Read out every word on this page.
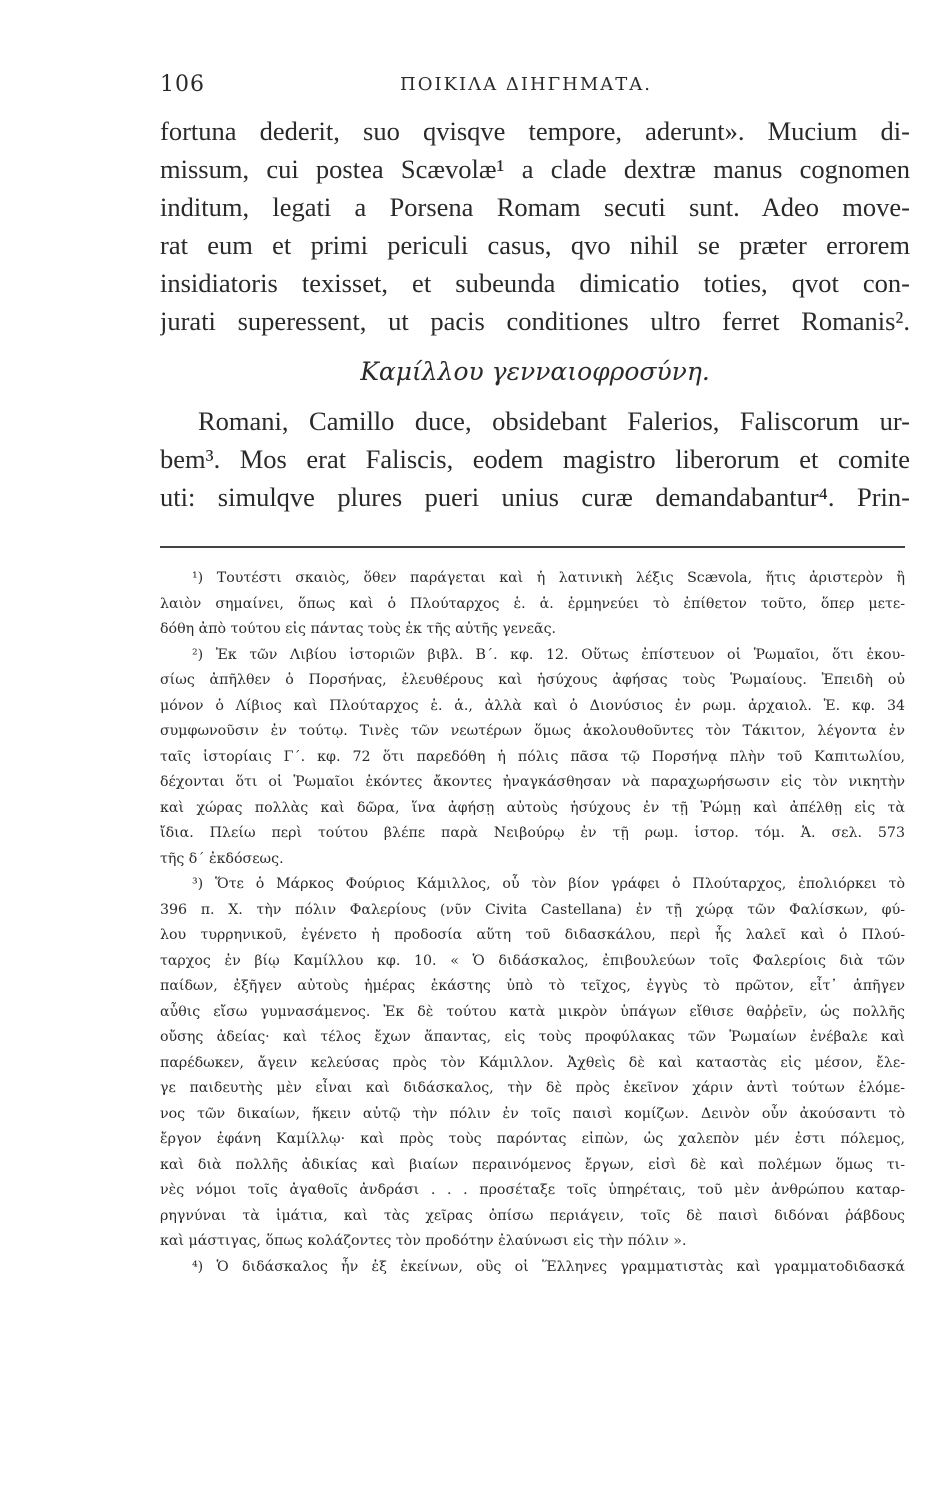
106	ΠΟΙΚΙΛΑ ΔΙΗΓΗΜΑΤΑ.
fortuna dederit, suo qvisqve tempore, aderunt». Mucium di-
missum, cui postea Scævolæ¹ a clade dextræ manus cognomen
inditum, legati a Porsena Romam secuti sunt. Adeo move-
rat eum et primi periculi casus, qvo nihil se præter errorem
insidiatoris texisset, et subeunda dimicatio toties, qvot con-
jurati superessent, ut pacis conditiones ultro ferret Romanis².
Καμίλλου γενναιοφροσύνη.
Romani, Camillo duce, obsidebant Falerios, Faliscorum ur-
bem³. Mos erat Faliscis, eodem magistro liberorum et comite
uti: simulqve plures pueri unius curæ demandabantur⁴. Prin-
¹) Τουτέστι σκαιὸς, ὅθεν παράγεται καὶ ἡ λατινικὴ λέξις Scævola, ἥτις ἀριστερὸν ἢ
λαιὸν σημαίνει, ὅπως καὶ ὁ Πλούταρχος ἑ. ἁ. ἑρμηνεύει τὸ ἐπίθετον τοῦτο, ὅπερ μετε-
δόθη ἀπὸ τούτου εἰς πάντας τοὺς ἐκ τῆς αὐτῆς γενεᾶς.
²) Ἐκ τῶν Λιβίου ἱστοριῶν βιβλ. Β΄. κφ. 12. Οὕτως ἐπίστευον οἱ Ῥωμαῖοι, ὅτι ἑκου-
σίως ἀπῆλθεν ὁ Πορσήνας, ἐλευθέρους καὶ ἡσύχους ἀφήσας τοὺς Ῥωμαίους. Ἐπειδὴ οὐ
μόνον ὁ Λίβιος καὶ Πλούταρχος ἑ. ἁ., ἀλλὰ καὶ ὁ Διονύσιος ἐν ρωμ. ἀρχαιολ. Ἑ. κφ. 34
συμφωνοῦσιν ἐν τούτῳ. Τινὲς τῶν νεωτέρων ὅμως ἀκολουθοῦντες τὸν Τάκιτον, λέγοντα ἐν
ταῖς ἱστορίαις Γ΄. κφ. 72 ὅτι παρεδόθη ἡ πόλις πᾶσα τῷ Πορσήνᾳ πλὴν τοῦ Καπιτωλίου,
δέχονται ὅτι οἱ Ῥωμαῖοι ἑκόντες ἄκοντες ἠναγκάσθησαν νὰ παραχωρήσωσιν εἰς τὸν νικητὴν
καὶ χώρας πολλὰς καὶ δῶρα, ἵνα ἀφήσῃ αὐτοὺς ἡσύχους ἐν τῇ Ῥώμῃ καὶ ἀπέλθῃ εἰς τὰ
ἴδια. Πλείω περὶ τούτου βλέπε παρὰ Νειβούρῳ ἐν τῇ ρωμ. ἱστορ. τόμ. Ἁ. σελ. 573
τῆς δ΄ ἐκδόσεως.
³) Ὅτε ὁ Μάρκος Φούριος Κάμιλλος, οὗ τὸν βίον γράφει ὁ Πλούταρχος, ἐπολιόρκει τὸ
396 π. Χ. τὴν πόλιν Φαλερίους (νῦν Civita Castellana) ἐν τῇ χώρᾳ τῶν Φαλίσκων, φύ-
λου τυρρηνικοῦ, ἐγένετο ἡ προδοσία αὕτη τοῦ διδασκάλου, περὶ ἧς λαλεῖ καὶ ὁ Πλού-
ταρχος ἐν βίῳ Καμίλλου κφ. 10. « Ὁ διδάσκαλος, ἐπιβουλεύων τοῖς Φαλερίοις διὰ τῶν
παίδων, ἐξῆγεν αὐτοὺς ἡμέρας ἑκάστης ὑπὸ τὸ τεῖχος, ἐγγὺς τὸ πρῶτον, εἶτ᾿ ἀπῆγεν
αὖθις εἴσω γυμνασάμενος. Ἐκ δὲ τούτου κατὰ μικρὸν ὑπάγων εἴθισε θαῤῥεῖν, ὡς πολλῆς
οὔσης ἀδείας· καὶ τέλος ἔχων ἅπαντας, εἰς τοὺς προφύλακας τῶν Ῥωμαίων ἐνέβαλε καὶ
παρέδωκεν, ἄγειν κελεύσας πρὸς τὸν Κάμιλλον. Ἀχθεὶς δὲ καὶ καταστὰς εἰς μέσον, ἔλε-
γε παιδευτὴς μὲν εἶναι καὶ διδάσκαλος, τὴν δὲ πρὸς ἐκεῖνον χάριν ἀντὶ τούτων ἑλόμε-
νος τῶν δικαίων, ἥκειν αὐτῷ τὴν πόλιν ἐν τοῖς παισὶ κομίζων. Δεινὸν οὖν ἀκούσαντι τὸ
ἔργον ἐφάνη Καμίλλῳ· καὶ πρὸς τοὺς παρόντας εἰπὼν, ὡς χαλεπὸν μέν ἐστι πόλεμος,
καὶ διὰ πολλῆς ἀδικίας καὶ βιαίων περαινόμενος ἔργων, εἰσὶ δὲ καὶ πολέμων ὅμως τι-
νὲς νόμοι τοῖς ἀγαθοῖς ἀνδράσι . . . προσέταξε τοῖς ὑπηρέταις, τοῦ μὲν ἀνθρώπου καταρ-
ρηγνύναι τὰ ἱμάτια, καὶ τὰς χεῖρας ὀπίσω περιάγειν, τοῖς δὲ παισὶ διδόναι ῥάβδους
καὶ μάστιγας, ὅπως κολάζοντες τὸν προδότην ἐλαύνωσι εἰς τὴν πόλιν ».
⁴) Ὁ διδάσκαλος ἦν ἐξ ἐκείνων, οὓς οἱ Ἕλληνες γραμματιστὰς καὶ γραμματοδιδασκά
